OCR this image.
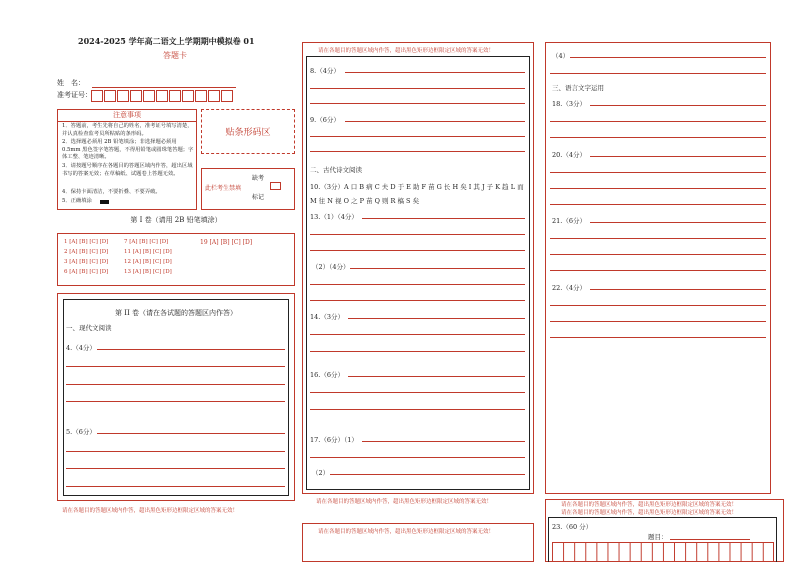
2024-2025 学年高二语文上学期期中模拟卷 01
答题卡
姓　名：
准考证号：
注意事项
1．答题前，考生先将自己的姓名，准考证号填写清楚，并认真检查监考员所粘贴的条形码。
2．选择题必须用 2B 铅笔填涂；非选择题必须用 0.5mm 黑色签字笔答题，不得用铅笔或圆珠笔答题；字体工整、笔迹清晰。
3．请按题号顺序在各题目的答题区域内作答，超出区域书写的答案无效；在草稿纸、试题卷上答题无效。
4．保持卡面清洁，不要折叠、不要弄破。
5．正确填涂
贴条形码区
此栏考生禁填
缺考
标记
第 I 卷（请用 2B 铅笔填涂）
1 [A] [B] [C] [D]
2 [A] [B] [C] [D]
3 [A] [B] [C] [D]
6 [A] [B] [C] [D]
7 [A] [B] [C] [D]
11 [A] [B] [C] [D]
12 [A] [B] [C] [D]
13 [A] [B] [C] [D]
19 [A] [B] [C] [D]
第 II 卷（请在各试题的答题区内作答）
一、现代文阅读
4.（4分）
5.（6分）
请在各题目的答题区域内作答，超出黑色矩形边框限定区域的答案无效！
请在各题目的答题区域内作答，超出黑色矩形边框限定区域的答案无效！
8.（4分）
9.（6分）
二、古代诗文阅读
10.（3分）A 口 B 病 C 夫 D 于 E 助 F 苗 G 长 H 矣 I 其 J 子 K 趋 L 而 M 往 N 视 O 之 P 苗 Q 则 R 槁 S 矣
13.（1）（4分）
（2）（4分）
14.（3分）
16.（6分）
17.（6分）（1）
（2）
请在各题目的答题区域内作答，超出黑色矩形边框限定区域的答案无效！
请在各题目的答题区域内作答，超出黑色矩形边框限定区域的答案无效！
（4）
三、语言文字运用
18.（3分）
20.（4分）
21.（6分）
22.（4分）
请在各题目的答题区域内作答，超出黑色矩形边框限定区域的答案无效！
请在各题目的答题区域内作答，超出黑色矩形边框限定区域的答案无效！
23.（60 分）
题目：
